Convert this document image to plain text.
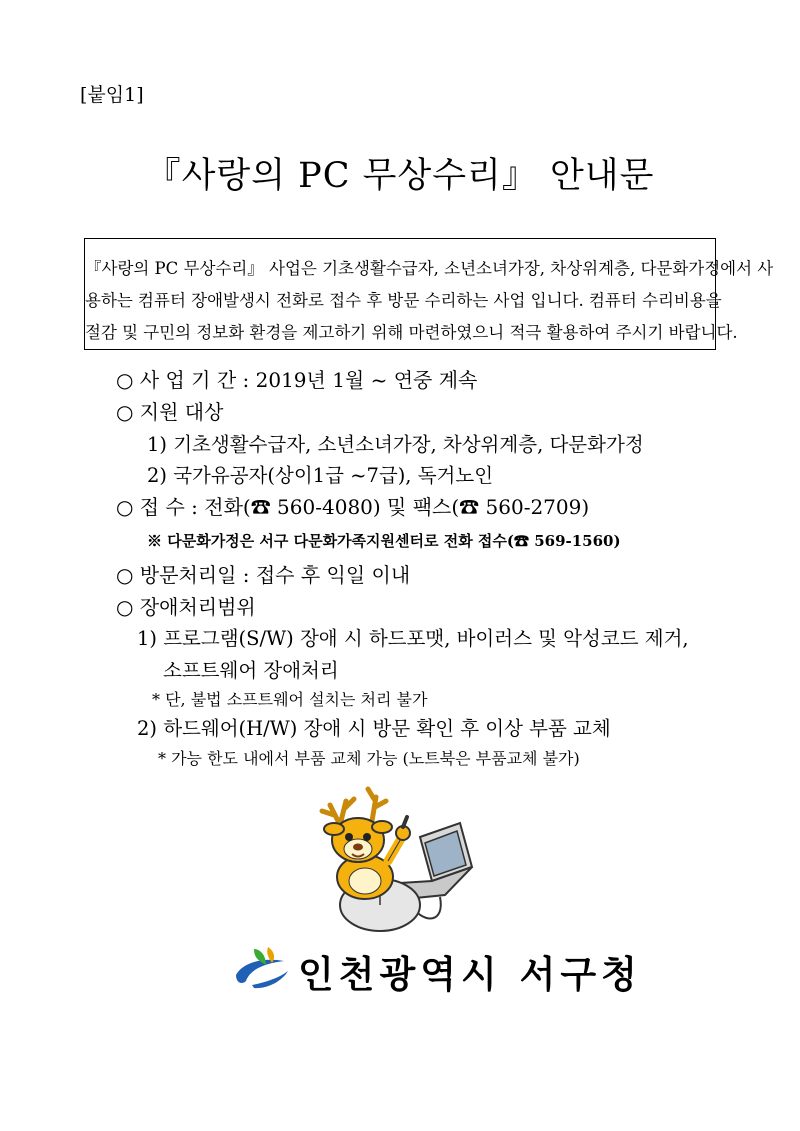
[붙임1]
『사랑의 PC 무상수리』 안내문
『사랑의 PC 무상수리』 사업은 기초생활수급자, 소년소녀가장, 차상위계층, 다문화가정에서 사
용하는 컴퓨터 장애발생시 전화로 접수 후 방문 수리하는 사업 입니다. 컴퓨터 수리비용을
절감 및 구민의 정보화 환경을 제고하기 위해 마련하였으니 적극 활용하여 주시기 바랍니다.
○ 사 업 기 간 : 2019년 1월 ~ 연중 계속
○ 지원 대상
1) 기초생활수급자, 소년소녀가장, 차상위계층, 다문화가정
2) 국가유공자(상이1급 ~7급), 독거노인
○ 접 수 : 전화(☎ 560-4080) 및 팩스(☎ 560-2709)
※ 다문화가정은 서구 다문화가족지원센터로 전화 접수(☎ 569-1560)
○ 방문처리일 : 접수 후 익일 이내
○ 장애처리범위
1) 프로그램(S/W) 장애 시 하드포맷, 바이러스 및 악성코드 제거,
소프트웨어 장애처리
* 단, 불법 소프트웨어 설치는 처리 불가
2) 하드웨어(H/W) 장애 시 방문 확인 후 이상 부품 교체
* 가능 한도 내에서 부품 교체 가능 (노트북은 부품교체 불가)
인천광역시 서구청
